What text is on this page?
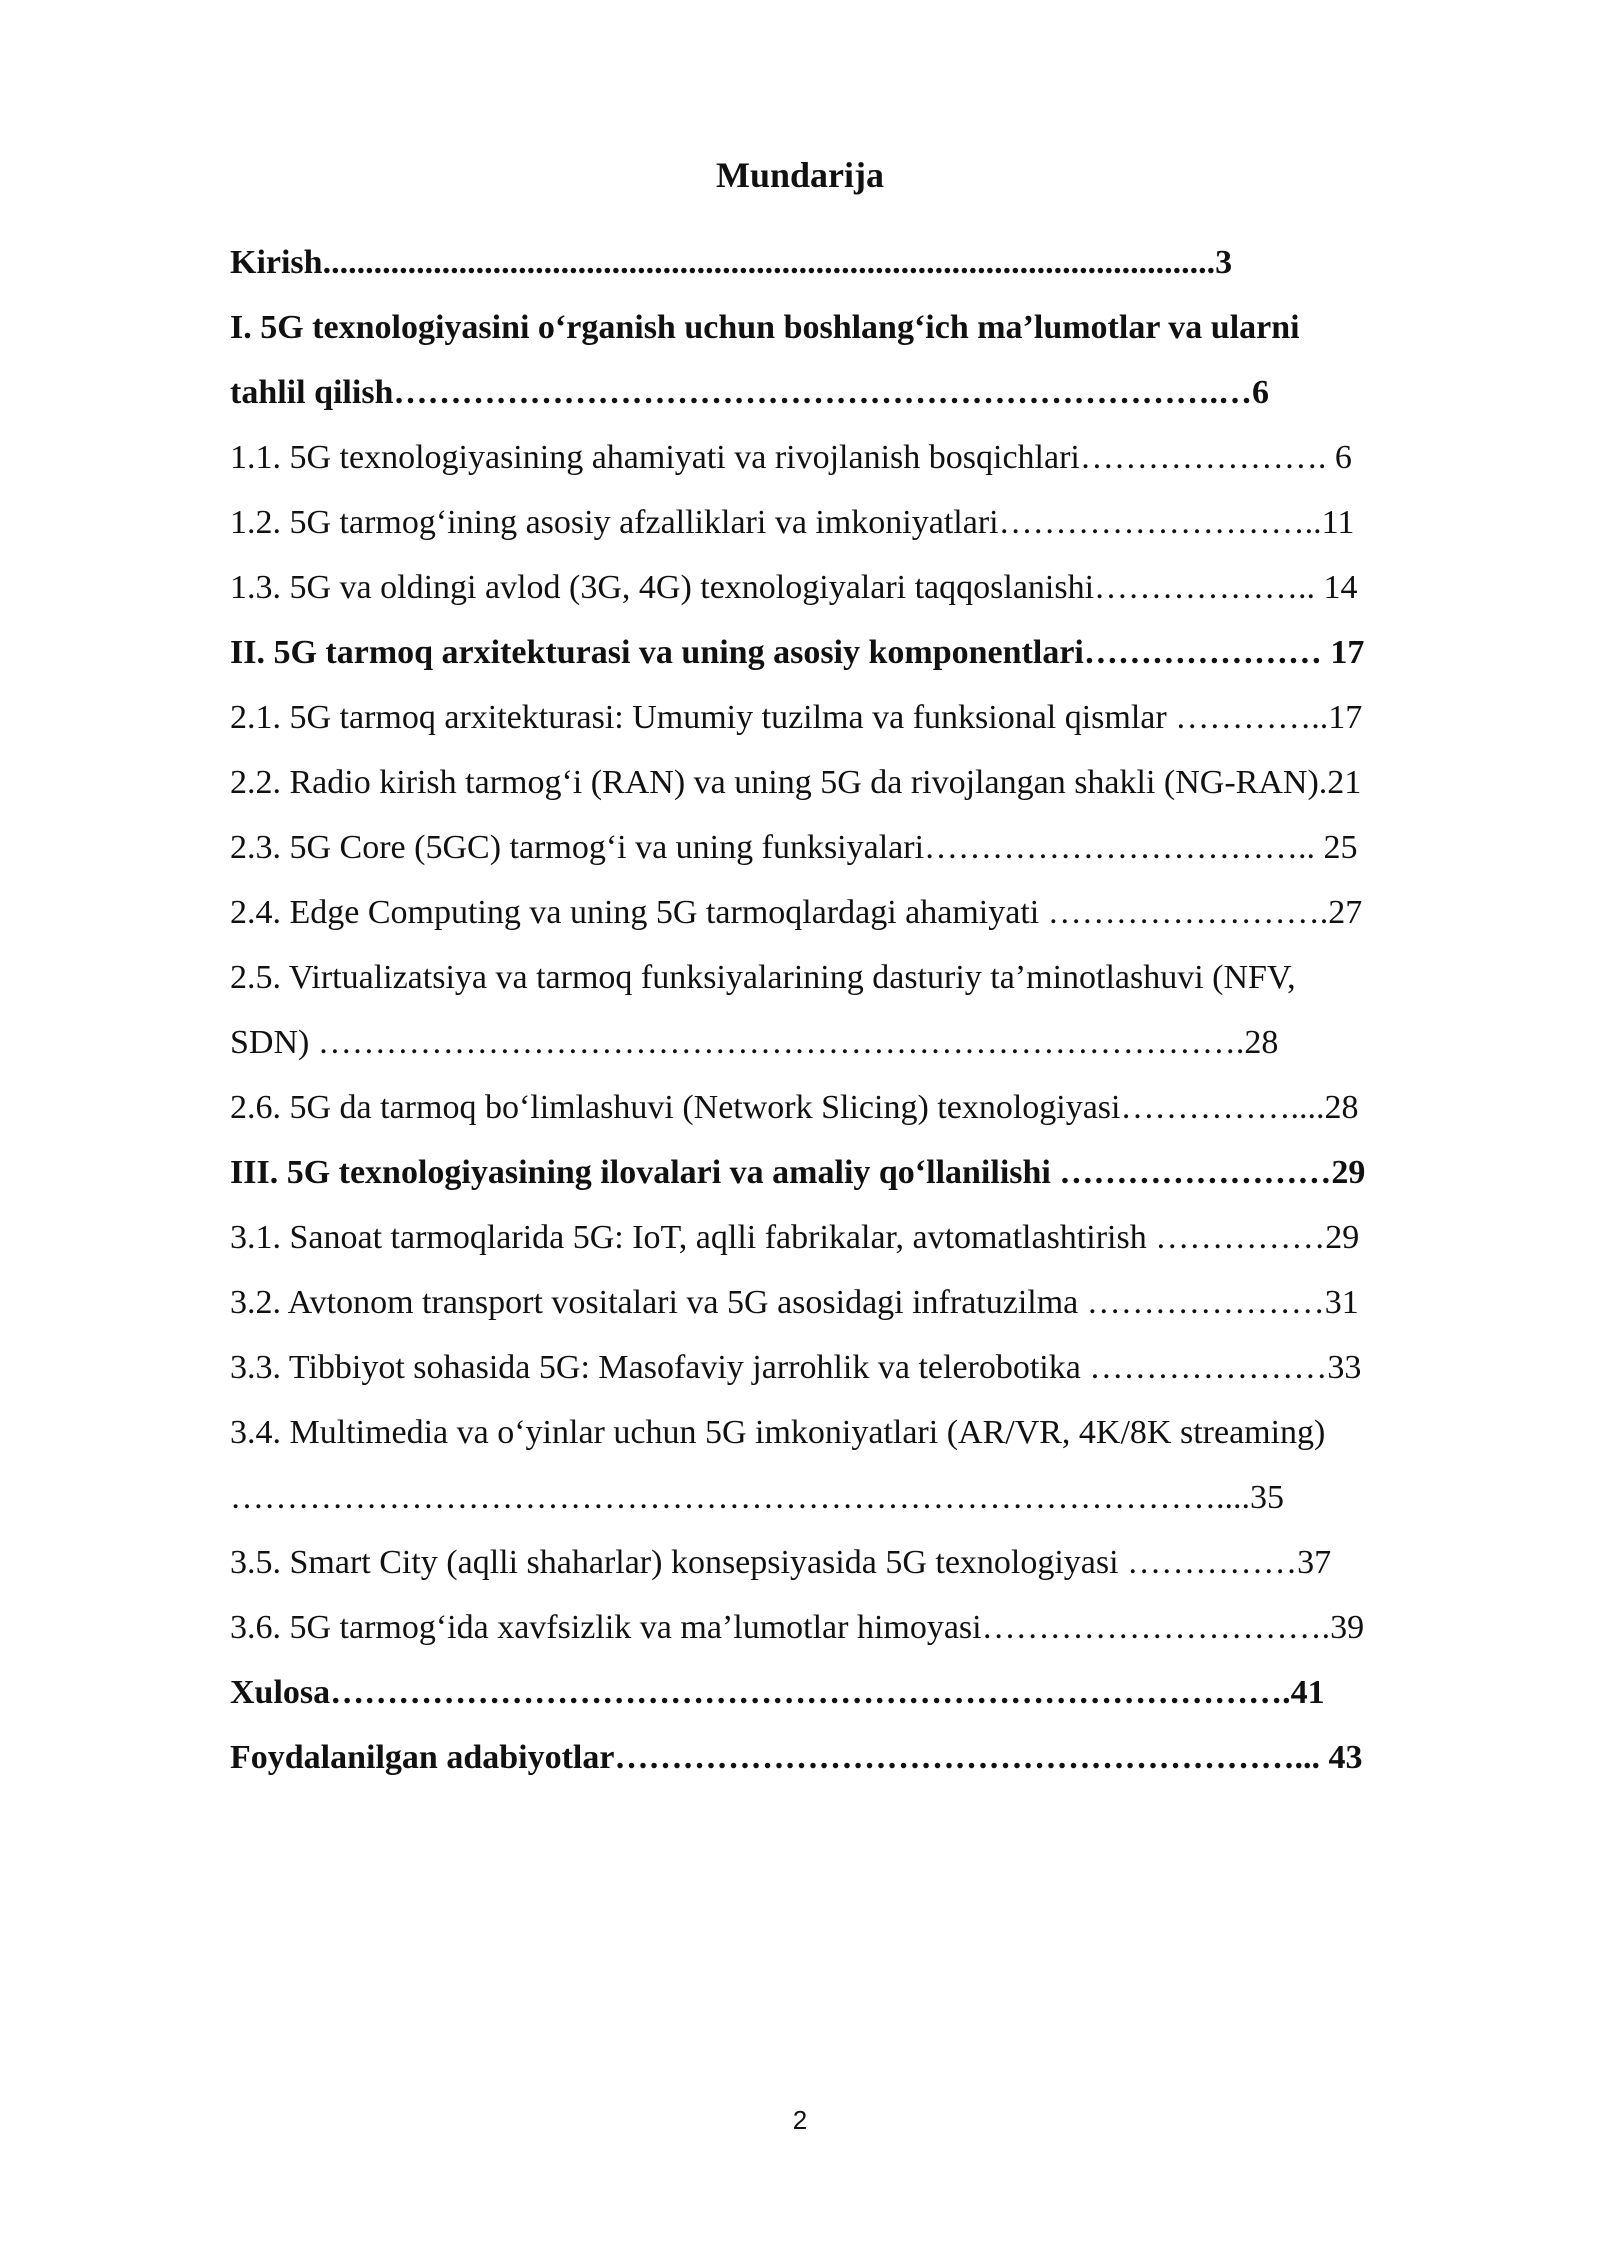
Mundarija
Kirish.........................................................................................................3
I. 5G texnologiyasini o‘rganish uchun boshlang‘ich ma’lumotlar va ularni
tahlil qilish……………………………………………………………….…6
1.1. 5G texnologiyasining ahamiyati va rivojlanish bosqichlari…………………. 6
1.2. 5G tarmog‘ining asosiy afzalliklari va imkoniyatlari………………………..11
1.3. 5G va oldingi avlod (3G, 4G) texnologiyalari taqqoslanishi……………….. 14
II. 5G tarmoq arxitekturasi va uning asosiy komponentlari………………… 17
2.1. 5G tarmoq arxitekturasi: Umumiy tuzilma va funksional qismlar …………..17
2.2. Radio kirish tarmog‘i (RAN) va uning 5G da rivojlangan shakli (NG-RAN).21
2.3. 5G Core (5GC) tarmog‘i va uning funksiyalari…………………………….. 25
2.4. Edge Computing va uning 5G tarmoqlardagi ahamiyati …………………….27
2.5. Virtualizatsiya va tarmoq funksiyalarining dasturiy ta’minotlashuvi (NFV,
SDN) ……………………………………………………………………….28
2.6. 5G da tarmoq bo‘limlashuvi (Network Slicing) texnologiyasi……………....28
III. 5G texnologiyasining ilovalari va amaliy qo‘llanilishi ……………………29
3.1. Sanoat tarmoqlarida 5G: IoT, aqlli fabrikalar, avtomatlashtirish ……………29
3.2. Avtonom transport vositalari va 5G asosidagi infratuzilma …………………31
3.3. Tibbiyot sohasida 5G: Masofaviy jarrohlik va telerobotika …………………33
3.4. Multimedia va o‘yinlar uchun 5G imkoniyatlari (AR/VR, 4K/8K streaming)
……………………………………………………………………………....35
3.5. Smart City (aqlli shaharlar) konsepsiyasida 5G texnologiyasi ……………37
3.6. 5G tarmog‘ida xavfsizlik va ma’lumotlar himoyasi………………………….39
Xulosa………………………………………………………………………….41
Foydalanilgan adabiyotlar……………………………………………………... 43
2
